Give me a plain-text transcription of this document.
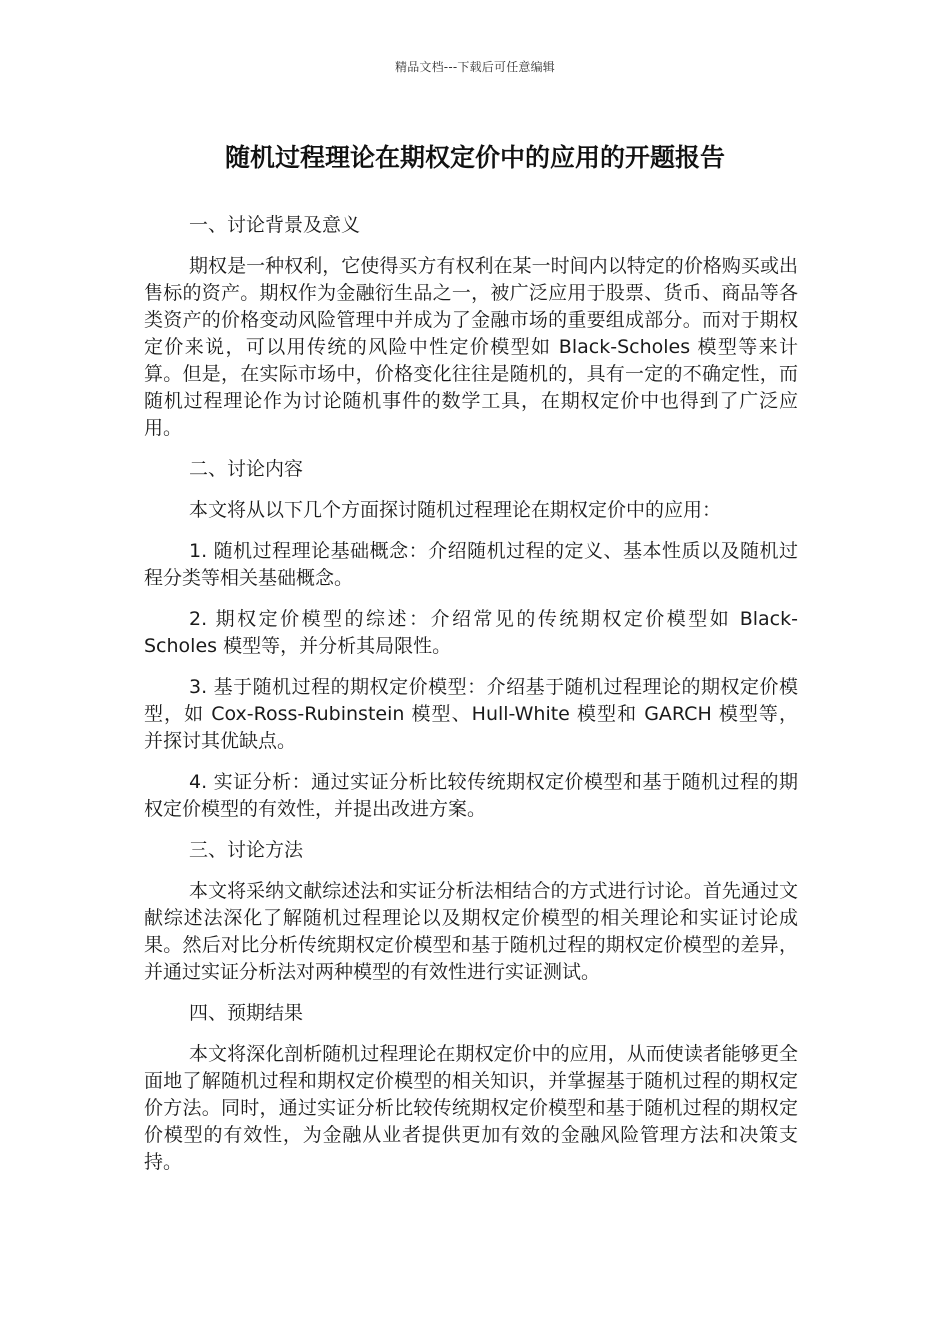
精品文档---下载后可任意编辑
随机过程理论在期权定价中的应用的开题报告
一、讨论背景及意义

期权是一种权利，它使得买方有权利在某一时间内以特定的价格购买或出售标的资产。期权作为金融衍生品之一，被广泛应用于股票、货币、商品等各类资产的价格变动风险管理中并成为了金融市场的重要组成部分。而对于期权定价来说，可以用传统的风险中性定价模型如 Black-Scholes 模型等来计算。但是，在实际市场中，价格变化往往是随机的，具有一定的不确定性，而随机过程理论作为讨论随机事件的数学工具，在期权定价中也得到了广泛应用。

二、讨论内容

本文将从以下几个方面探讨随机过程理论在期权定价中的应用：

1. 随机过程理论基础概念：介绍随机过程的定义、基本性质以及随机过程分类等相关基础概念。

2. 期权定价模型的综述：介绍常见的传统期权定价模型如 Black-Scholes 模型等，并分析其局限性。

3. 基于随机过程的期权定价模型：介绍基于随机过程理论的期权定价模型，如 Cox-Ross-Rubinstein 模型、Hull-White 模型和 GARCH 模型等，并探讨其优缺点。

4. 实证分析：通过实证分析比较传统期权定价模型和基于随机过程的期权定价模型的有效性，并提出改进方案。

三、讨论方法

本文将采纳文献综述法和实证分析法相结合的方式进行讨论。首先通过文献综述法深化了解随机过程理论以及期权定价模型的相关理论和实证讨论成果。然后对比分析传统期权定价模型和基于随机过程的期权定价模型的差异，并通过实证分析法对两种模型的有效性进行实证测试。

四、预期结果

本文将深化剖析随机过程理论在期权定价中的应用，从而使读者能够更全面地了解随机过程和期权定价模型的相关知识，并掌握基于随机过程的期权定价方法。同时，通过实证分析比较传统期权定价模型和基于随机过程的期权定价模型的有效性，为金融从业者提供更加有效的金融风险管理方法和决策支持。
